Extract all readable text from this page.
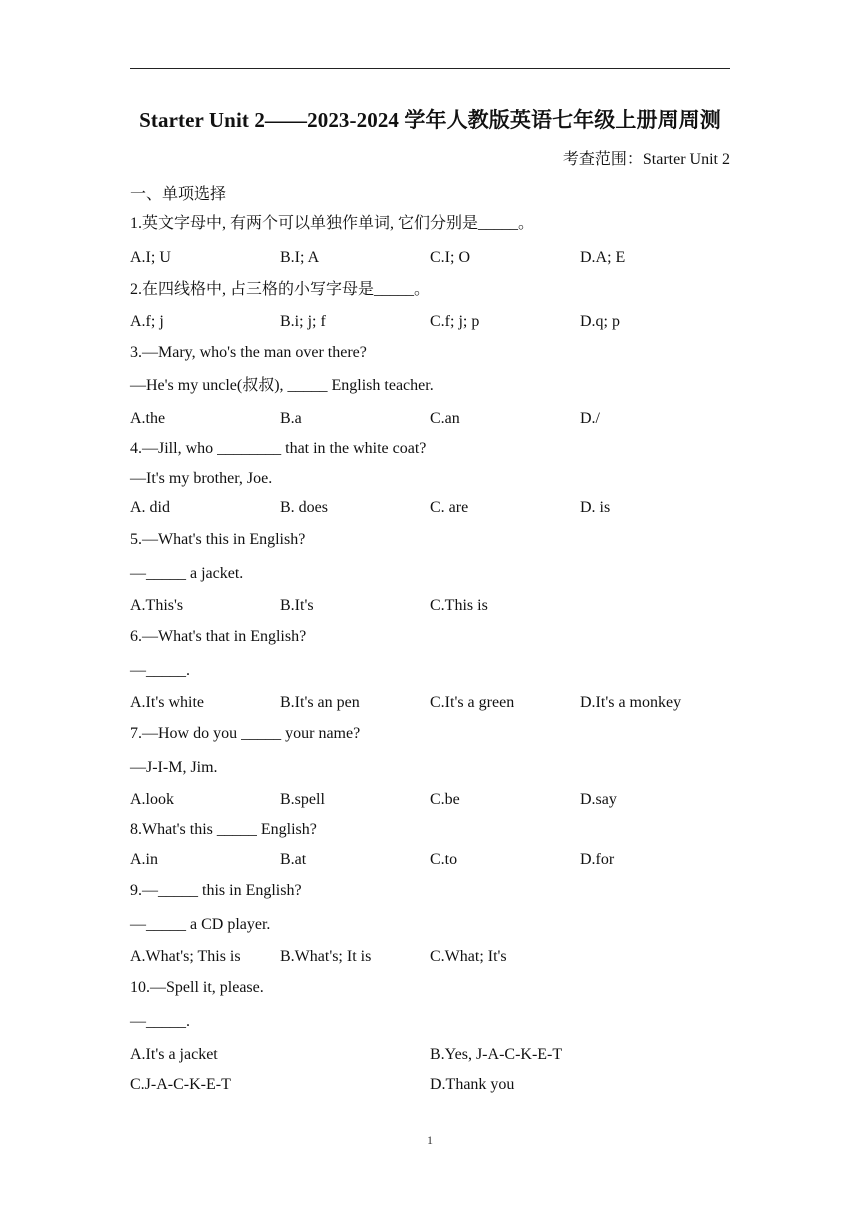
Starter Unit 2——2023-2024 学年人教版英语七年级上册周周测
考查范围：Starter Unit 2
一、单项选择
1.英文字母中, 有两个可以单独作单词, 它们分别是_____。
A.I; U	B.I; A	C.I; O	D.A; E
2.在四线格中, 占三格的小写字母是_____。
A.f; j	B.i; j; f	C.f; j; p	D.q; p
3.—Mary, who's the man over there?
—He's my uncle(叔叔), _____ English teacher.
A.the	B.a	C.an	D./
4.—Jill, who ________ that in the white coat?
—It's my brother, Joe.
A. did	B. does	C. are	D. is
5.—What's this in English?
—_____ a jacket.
A.This's	B.It's	C.This is
6.—What's that in English?
—_____.
A.It's white	B.It's an pen	C.It's a green	D.It's a monkey
7.—How do you _____ your name?
—J-I-M, Jim.
A.look	B.spell	C.be	D.say
8.What's this _____ English?
A.in	B.at	C.to	D.for
9.—_____ this in English?
—_____ a CD player.
A.What's; This is B.What's; It is	C.What; It's
10.—Spell it, please.
—_____.
A.It's a jacket	B.Yes, J-A-C-K-E-T
C.J-A-C-K-E-T	D.Thank you
1
